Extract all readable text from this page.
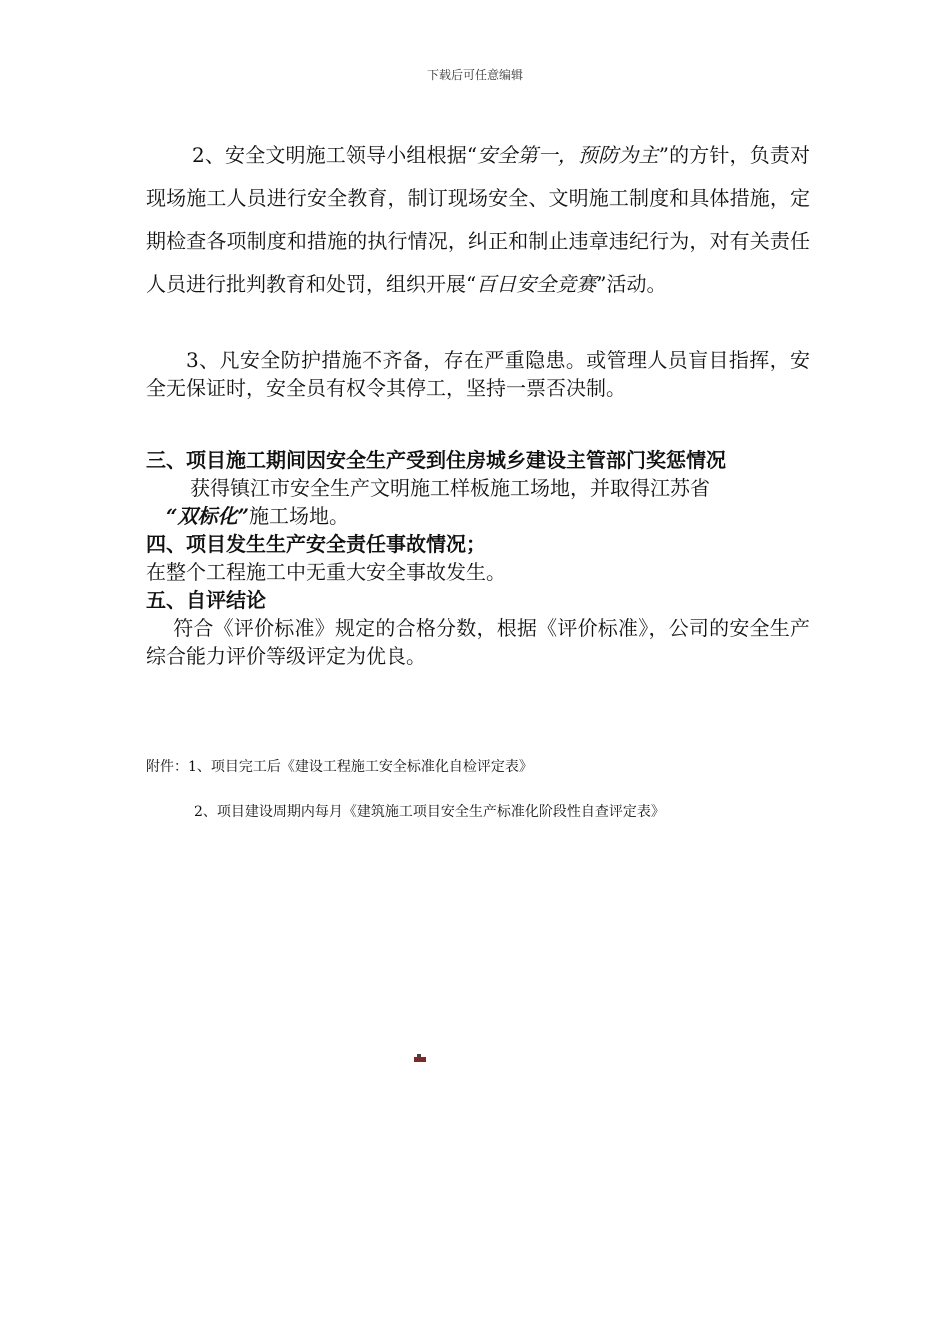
下载后可任意编辑
2、安全文明施工领导小组根据“安全第一，预防为主”的方针，负责对现场施工人员进行安全教育，制订现场安全、文明施工制度和具体措施，定期检查各项制度和措施的执行情况，纠正和制止违章违纪行为，对有关责任人员进行批判教育和处罚，组织开展“百日安全竞赛”活动。
3、凡安全防护措施不齐备，存在严重隐患。或管理人员盲目指挥，安全无保证时，安全员有权令其停工，坚持一票否决制。
三、项目施工期间因安全生产受到住房城乡建设主管部门奖惩情况
获得镇江市安全生产文明施工样板施工场地，并取得江苏省
“双标化”施工场地。
四、项目发生生产安全责任事故情况；
在整个工程施工中无重大安全事故发生。
五、自评结论
符合《评价标准》规定的合格分数，根据《评价标准》，公司的安全生产综合能力评价等级评定为优良。
附件：1、项目完工后《建设工程施工安全标准化自检评定表》
2、项目建设周期内每月《建筑施工项目安全生产标准化阶段性自查评定表》
